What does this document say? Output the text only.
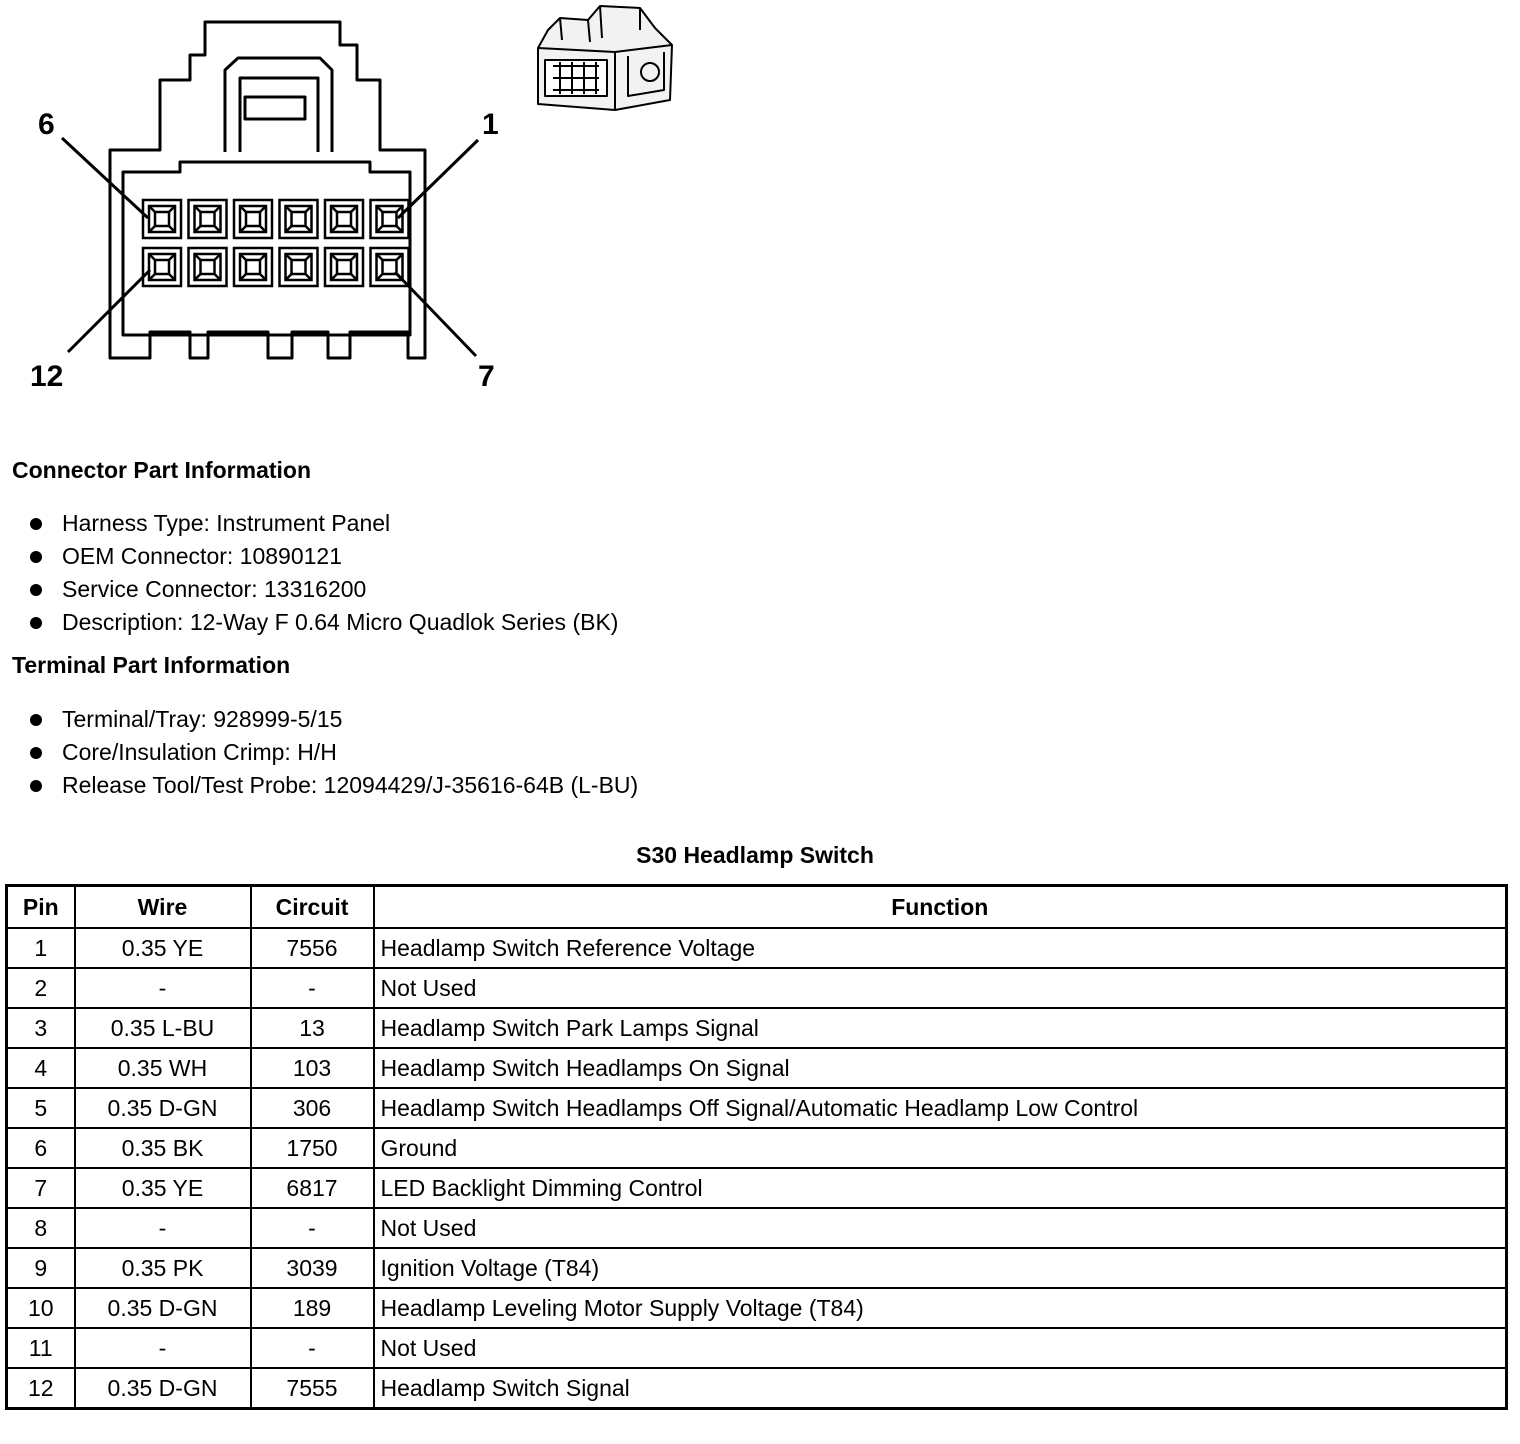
6	1
12	7
Connector Part Information
Harness Type: Instrument Panel
OEM Connector: 10890121
Service Connector: 13316200
Description: 12-Way F 0.64 Micro Quadlok Series (BK)
Terminal Part Information
Terminal/Tray: 928999-5/15
Core/Insulation Crimp: H/H
Release Tool/Test Probe: 12094429/J-35616-64B (L-BU)
S30 Headlamp Switch
Pin	Wire	Circuit	Function
1	0.35 YE	7556	Headlamp Switch Reference Voltage
2	-	-	Not Used
3	0.35 L-BU	13	Headlamp Switch Park Lamps Signal
4	0.35 WH	103	Headlamp Switch Headlamps On Signal
5	0.35 D-GN	306	Headlamp Switch Headlamps Off Signal/Automatic Headlamp Low Control
6	0.35 BK	1750	Ground
7	0.35 YE	6817	LED Backlight Dimming Control
8	-	-	Not Used
9	0.35 PK	3039	Ignition Voltage (T84)
10	0.35 D-GN	189	Headlamp Leveling Motor Supply Voltage (T84)
11	-	-	Not Used
12	0.35 D-GN	7555	Headlamp Switch Signal
